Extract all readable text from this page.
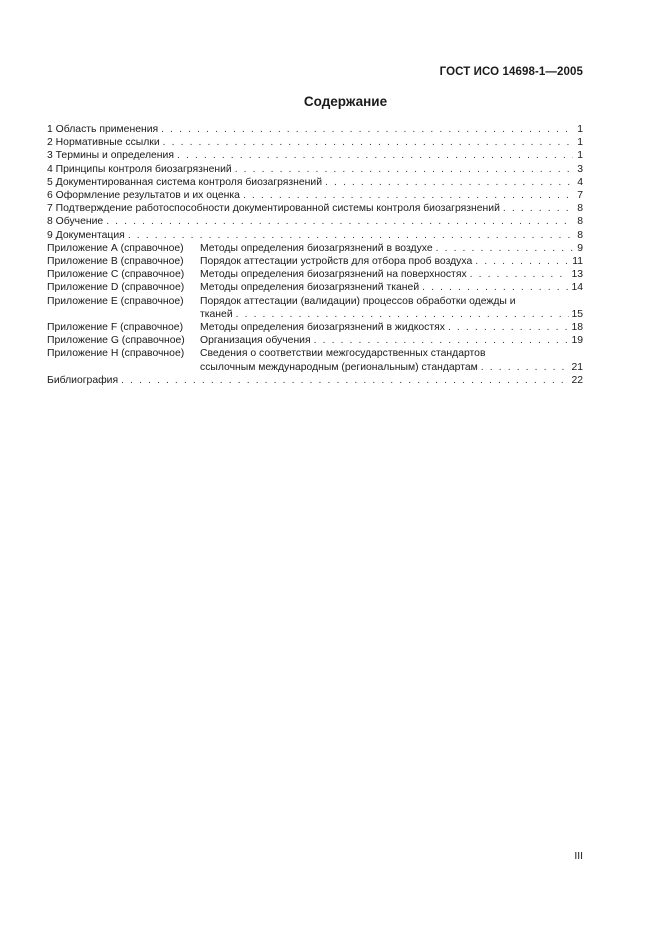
ГОСТ ИСО 14698-1—2005
Содержание
1 Область применения . . .	1
2 Нормативные ссылки . . .	1
3 Термины и определения . . .	1
4 Принципы контроля биозагрязнений . . .	3
5 Документированная система контроля биозагрязнений . . .	4
6 Оформление результатов и их оценка . . .	7
7 Подтверждение работоспособности документированной системы контроля биозагрязнений . . .	8
8 Обучение . . .	8
9 Документация . . .	8
Приложение А (справочное) Методы определения биозагрязнений в воздухе . . .	9
Приложение В (справочное) Порядок аттестации устройств для отбора проб воздуха . . .	11
Приложение С (справочное) Методы определения биозагрязнений на поверхностях . . .	13
Приложение D (справочное) Методы определения биозагрязнений тканей . . .	14
Приложение Е (справочное) Порядок аттестации (валидации) процессов обработки одежды и
тканей . . .	15
Приложение F (справочное) Методы определения биозагрязнений в жидкостях . . .	18
Приложение G (справочное) Организация обучения . . .	19
Приложение Н (справочное) Сведения о соответствии межгосударственных стандартов
ссылочным международным (региональным) стандартам . . .	21
Библиография . . .	22
III
